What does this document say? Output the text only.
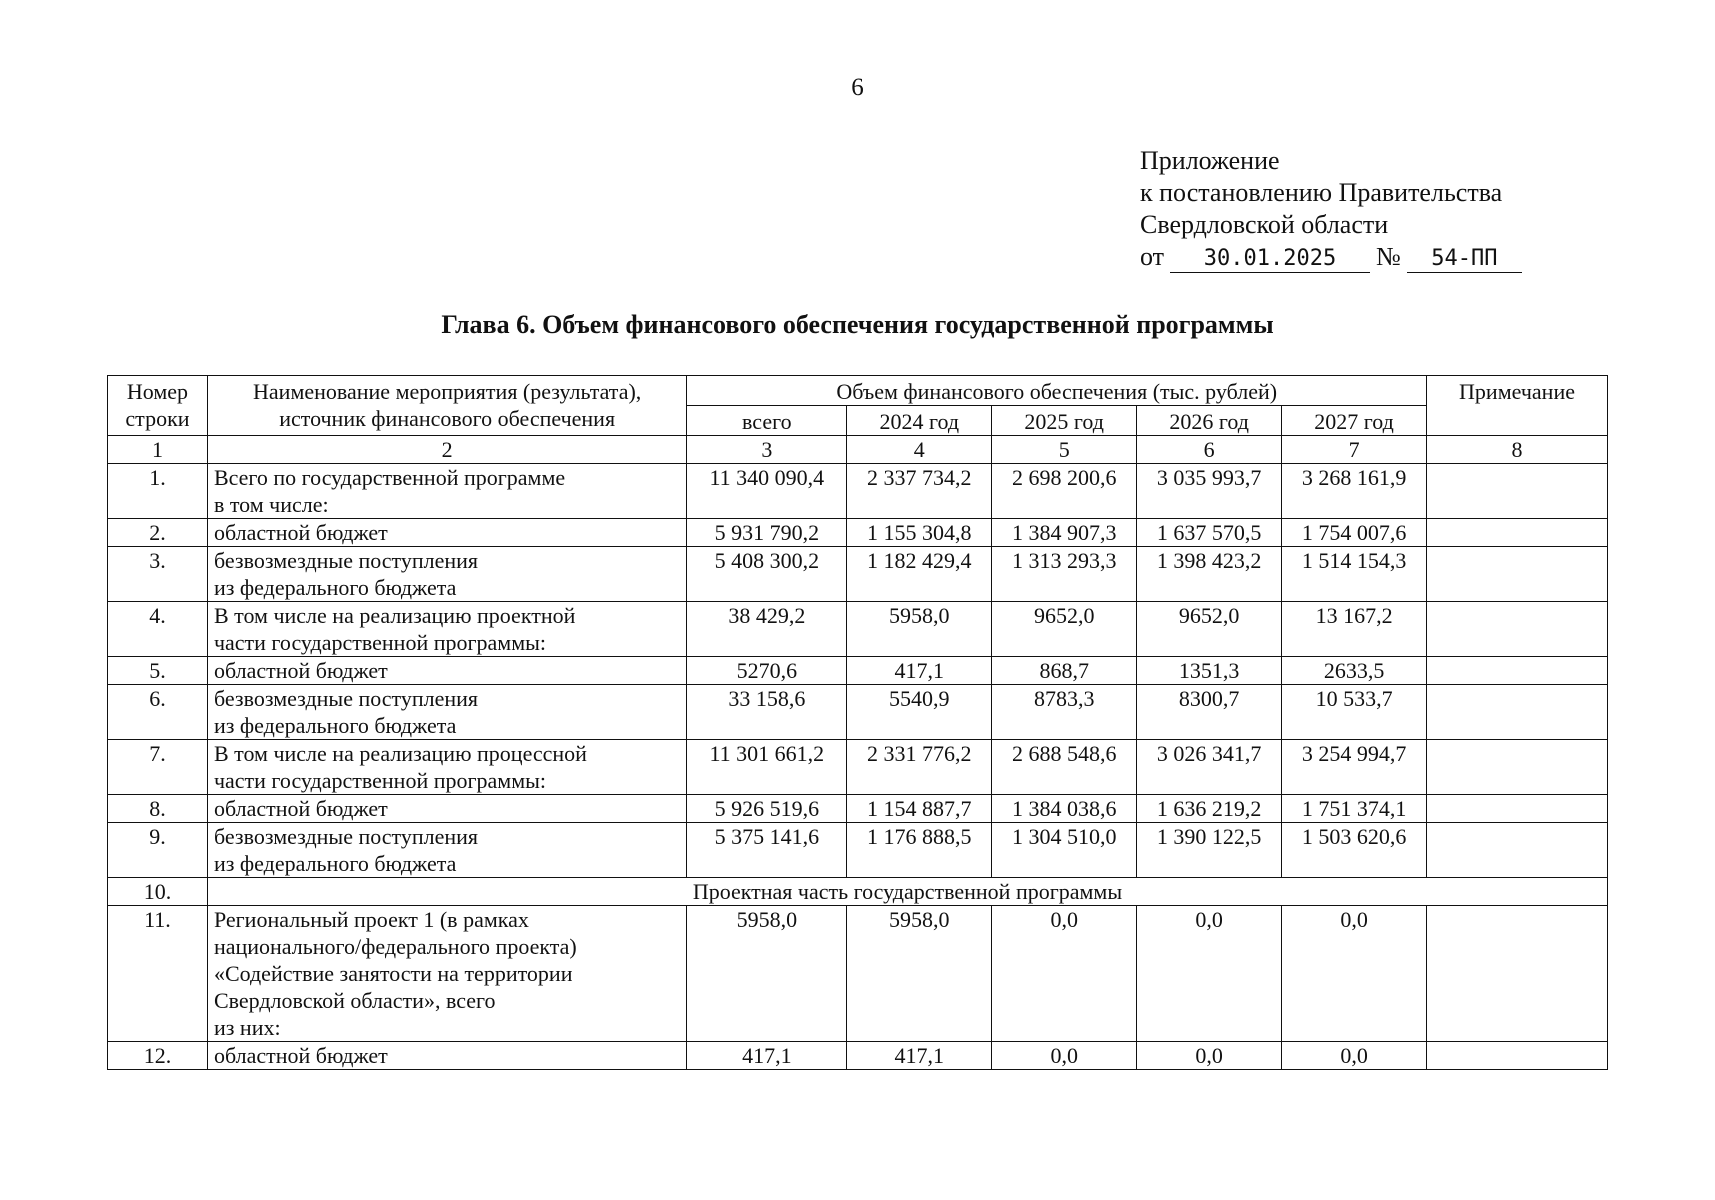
6
Приложение
к постановлению Правительства
Свердловской области
от 30.01.2025 № 54-ПП
Глава 6. Объем финансового обеспечения государственной программы
Номер строки	Наименование мероприятия (результата), источник финансового обеспечения	Объем финансового обеспечения (тыс. рублей)					Примечание
		всего	2024 год	2025 год	2026 год	2027 год	
1	2	3	4	5	6	7	8
1.	Всего по государственной программе
в том числе:	11 340 090,4	2 337 734,2	2 698 200,6	3 035 993,7	3 268 161,9	
2.	областной бюджет	5 931 790,2	1 155 304,8	1 384 907,3	1 637 570,5	1 754 007,6	
3.	безвозмездные поступления
из федерального бюджета	5 408 300,2	1 182 429,4	1 313 293,3	1 398 423,2	1 514 154,3	
4.	В том числе на реализацию проектной
части государственной программы:	38 429,2	5958,0	9652,0	9652,0	13 167,2	
5.	областной бюджет	5270,6	417,1	868,7	1351,3	2633,5	
6.	безвозмездные поступления
из федерального бюджета	33 158,6	5540,9	8783,3	8300,7	10 533,7	
7.	В том числе на реализацию процессной
части государственной программы:	11 301 661,2	2 331 776,2	2 688 548,6	3 026 341,7	3 254 994,7	
8.	областной бюджет	5 926 519,6	1 154 887,7	1 384 038,6	1 636 219,2	1 751 374,1	
9.	безвозмездные поступления
из федерального бюджета	5 375 141,6	1 176 888,5	1 304 510,0	1 390 122,5	1 503 620,6	
10.	Проектная часть государственной программы						
11.	Региональный проект 1 (в рамках
национального/федерального проекта)
«Содействие занятости на территории
Свердловской области», всего
из них:	5958,0	5958,0	0,0	0,0	0,0	
12.	областной бюджет	417,1	417,1	0,0	0,0	0,0	
